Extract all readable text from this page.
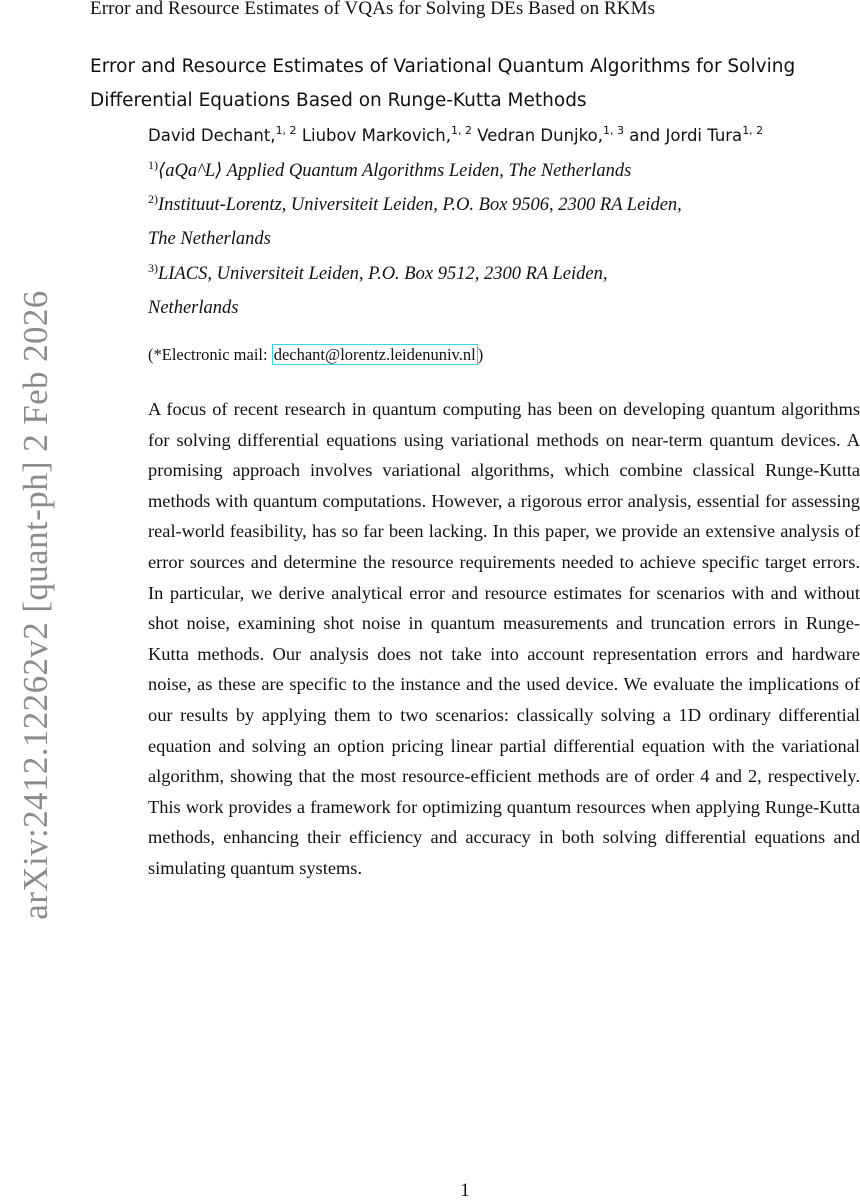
Error and Resource Estimates of VQAs for Solving DEs Based on RKMs
arXiv:2412.12262v2 [quant-ph] 2 Feb 2026
Error and Resource Estimates of Variational Quantum Algorithms for Solving Differential Equations Based on Runge-Kutta Methods
David Dechant,$^{1, 2}$ Liubov Markovich,$^{1, 2}$ Vedran Dunjko,$^{1, 3}$ and Jordi Tura$^{1, 2}$
$^{1)}$⟨aQa^L⟩ Applied Quantum Algorithms Leiden, The Netherlands
$^{2)}$Instituut-Lorentz, Universiteit Leiden, P.O. Box 9506, 2300 RA Leiden,
The Netherlands
$^{3)}$LIACS, Universiteit Leiden, P.O. Box 9512, 2300 RA Leiden,
Netherlands
(*Electronic mail: dechant@lorentz.leidenuniv.nl )

A focus of recent research in quantum computing has been on developing quantum algorithms for solving differential equations using variational methods on near-term quantum devices. A promising approach involves variational algorithms, which combine classical Runge-Kutta methods with quantum computations. However, a rigorous error analysis, essential for assessing real-world feasibility, has so far been lacking. In this paper, we provide an extensive analysis of error sources and determine the resource requirements needed to achieve specific target errors. In particular, we derive analytical error and resource estimates for scenarios with and without shot noise, examining shot noise in quantum measurements and truncation errors in Runge-Kutta methods. Our analysis does not take into account representation errors and hardware noise, as these are specific to the instance and the used device. We evaluate the implications of our results by applying them to two scenarios: classically solving a 1D ordinary differential equation and solving an option pricing linear partial differential equation with the variational algorithm, showing that the most resource-efficient methods are of order 4 and 2, respectively. This work provides a framework for optimizing quantum resources when applying Runge-Kutta methods, enhancing their efficiency and accuracy in both solving differential equations and simulating quantum systems.

1
